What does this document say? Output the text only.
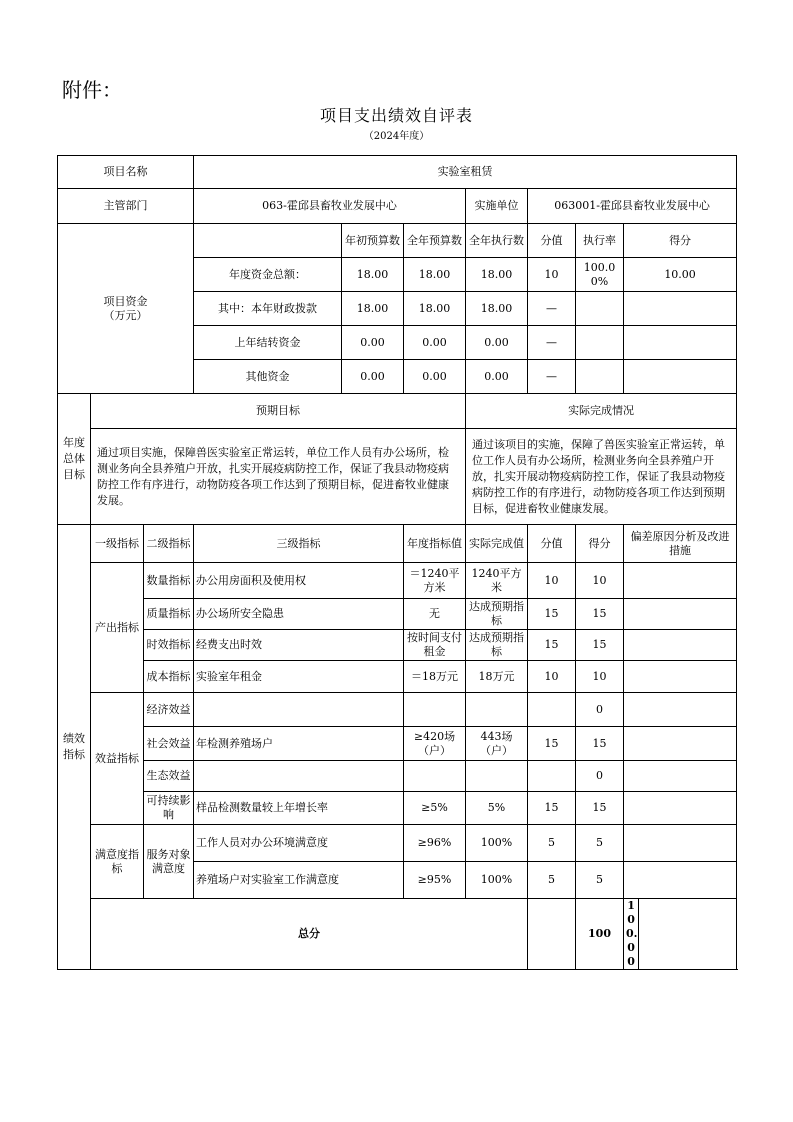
附件：
项目支出绩效自评表
（2024年度）
项目名称			实验室租赁							
主管部门			063-霍邱县畜牧业发展中心			实施单位	063001-霍邱县畜牧业发展中心			
项目资金
（万元）				年初预算数	全年预算数	全年执行数	分值	执行率	得分	
			年度资金总额：	18.00	18.00	18.00	10	100.00%	10.00	
			其中：本年财政拨款	18.00	18.00	18.00	—			
			上年结转资金	0.00	0.00	0.00	—			
			其他资金	0.00	0.00	0.00	—			
年度总体目标	预期目标					实际完成情况				
	通过项目实施，保障兽医实验室正常运转，单位工作人员有办公场所，检测业务向全县养殖户开放，扎实开展疫病防控工作，保证了我县动物疫病防控工作有序进行，动物防疫各项工作达到了预期目标，促进畜牧业健康发展。					通过该项目的实施，保障了兽医实验室正常运转，单位工作人员有办公场所，检测业务向全县养殖户开放，扎实开展动物疫病防控工作，保证了我县动物疫病防控工作的有序进行，动物防疫各项工作达到预期目标，促进畜牧业健康发展。				
绩效指标	一级指标	二级指标	三级指标		年度指标值	实际完成值	分值	得分	偏差原因分析及改进措施	
	产出指标	数量指标	办公用房面积及使用权		＝1240平方米	1240平方米	10	10		
		质量指标	办公场所安全隐患		无	达成预期指标	15	15		
		时效指标	经费支出时效		按时间支付租金	达成预期指标	15	15		
		成本指标	实验室年租金		＝18万元	18万元	10	10		
	效益指标	经济效益						0		
		社会效益	年检测养殖场户		≥420场（户）	443场（户）	15	15		
		生态效益						0		
		可持续影响	样品检测数量较上年增长率		≥5%	5%	15	15		
	满意度指标	服务对象满意度	工作人员对办公环境满意度		≥96%	100%	5	5		
			养殖场户对实验室工作满意度		≥95%	100%	5	5		
	总分							100	100.00	
